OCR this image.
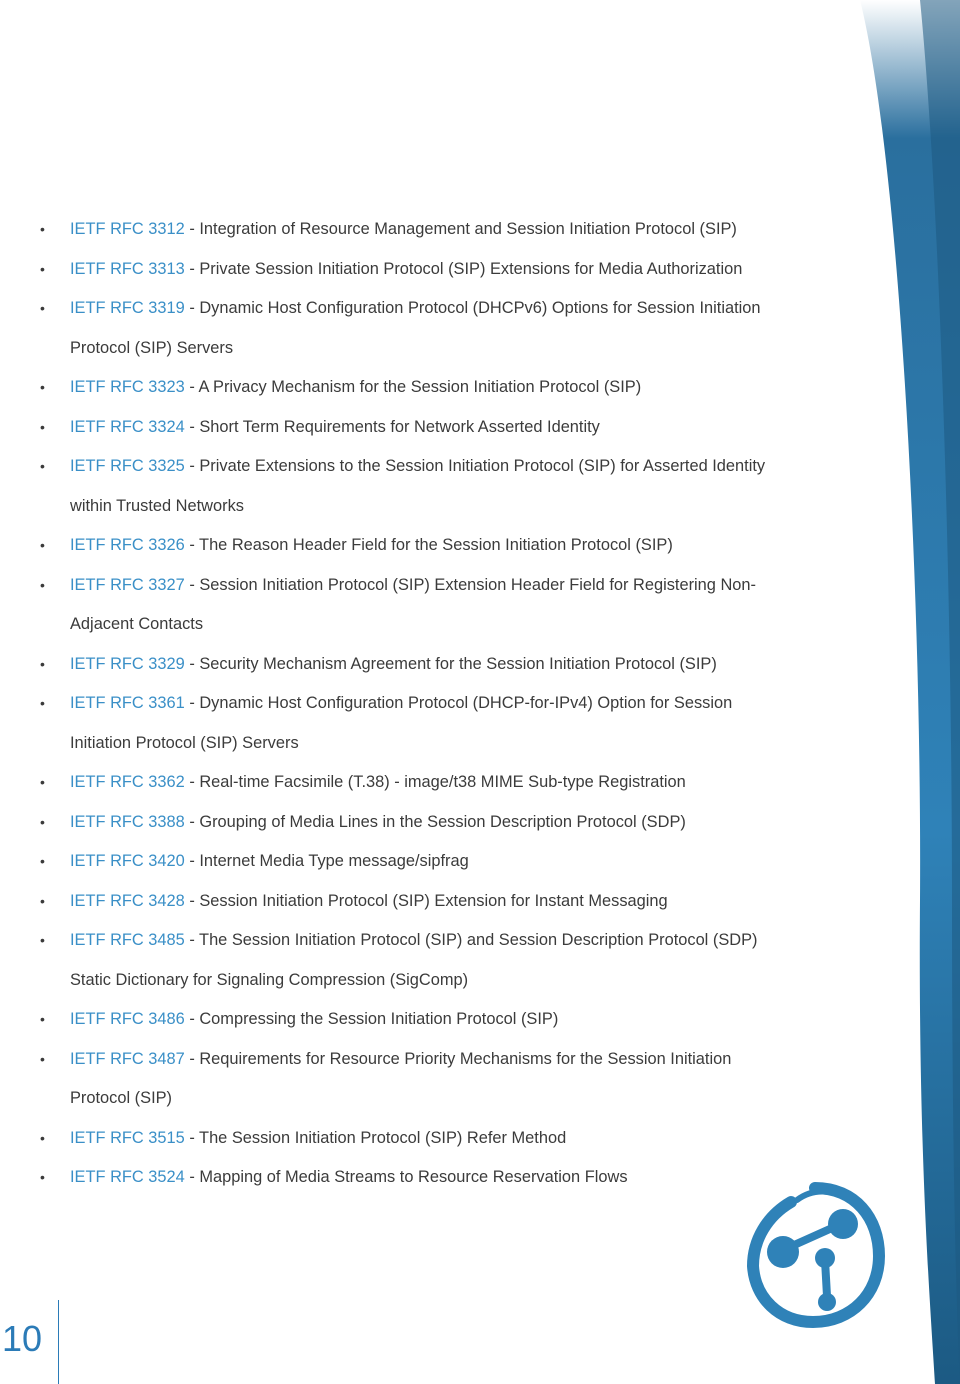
• IETF RFC 3312 - Integration of Resource Management and Session Initiation Protocol (SIP)
• IETF RFC 3313 - Private Session Initiation Protocol (SIP) Extensions for Media Authorization
• IETF RFC 3319 - Dynamic Host Configuration Protocol (DHCPv6) Options for Session Initiation Protocol (SIP) Servers
• IETF RFC 3323 - A Privacy Mechanism for the Session Initiation Protocol (SIP)
• IETF RFC 3324 - Short Term Requirements for Network Asserted Identity
• IETF RFC 3325 - Private Extensions to the Session Initiation Protocol (SIP) for Asserted Identity within Trusted Networks
• IETF RFC 3326 - The Reason Header Field for the Session Initiation Protocol (SIP)
• IETF RFC 3327 - Session Initiation Protocol (SIP) Extension Header Field for Registering Non-Adjacent Contacts
• IETF RFC 3329 - Security Mechanism Agreement for the Session Initiation Protocol (SIP)
• IETF RFC 3361 - Dynamic Host Configuration Protocol (DHCP-for-IPv4) Option for Session Initiation Protocol (SIP) Servers
• IETF RFC 3362 - Real-time Facsimile (T.38) - image/t38 MIME Sub-type Registration
• IETF RFC 3388 - Grouping of Media Lines in the Session Description Protocol (SDP)
• IETF RFC 3420 - Internet Media Type message/sipfrag
• IETF RFC 3428 - Session Initiation Protocol (SIP) Extension for Instant Messaging
• IETF RFC 3485 - The Session Initiation Protocol (SIP) and Session Description Protocol (SDP) Static Dictionary for Signaling Compression (SigComp)
• IETF RFC 3486 - Compressing the Session Initiation Protocol (SIP)
• IETF RFC 3487 - Requirements for Resource Priority Mechanisms for the Session Initiation Protocol (SIP)
• IETF RFC 3515 - The Session Initiation Protocol (SIP) Refer Method
• IETF RFC 3524 - Mapping of Media Streams to Resource Reservation Flows
Πρότυπα Διεπαφών
10
